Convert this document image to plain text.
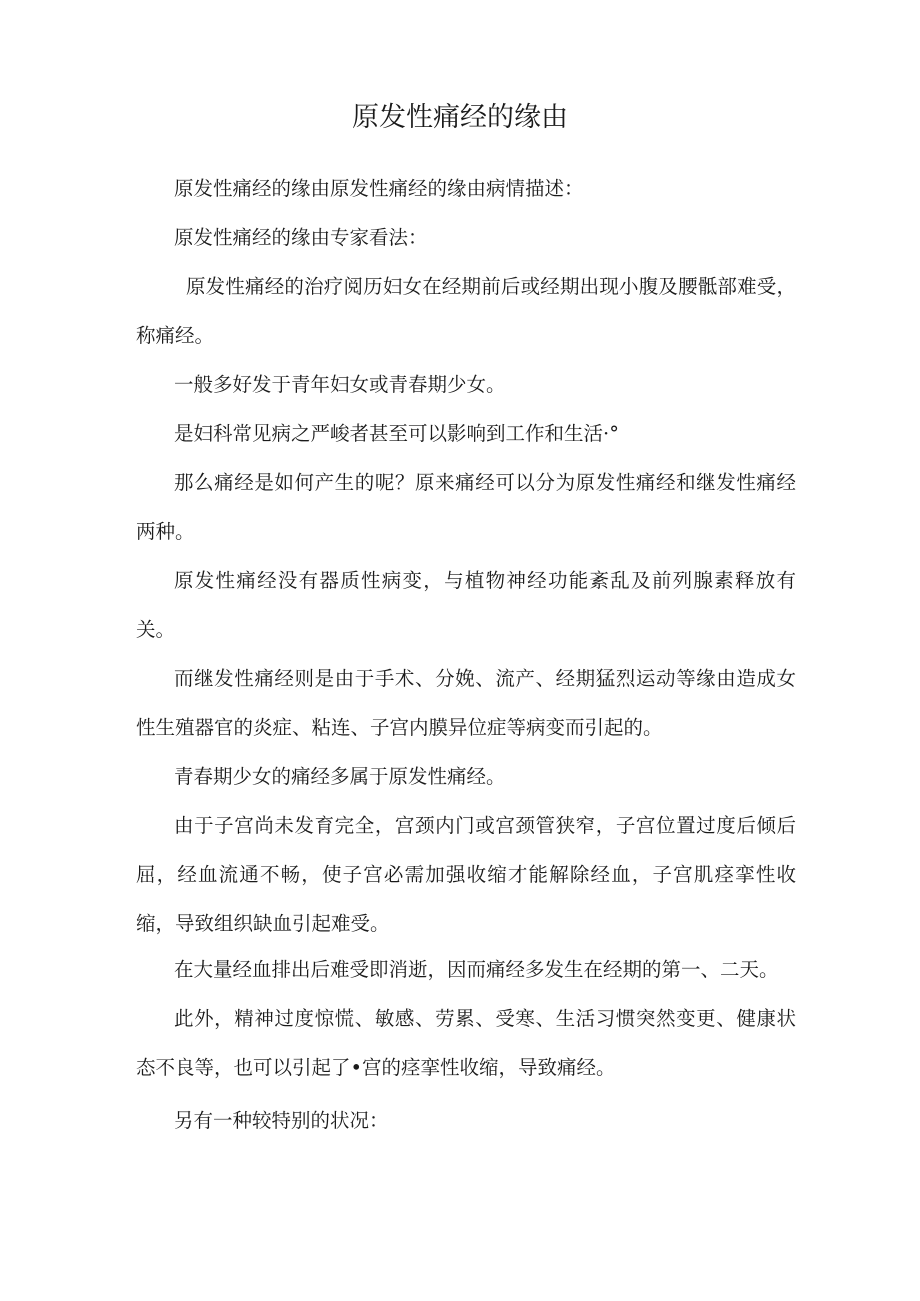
原发性痛经的缘由

原发性痛经的缘由原发性痛经的缘由病情描述：

原发性痛经的缘由专家看法：

原发性痛经的治疗阅历妇女在经期前后或经期出现小腹及腰骶部难受，称痛经。

一般多好发于青年妇女或青春期少女。

是妇科常见病之严峻者甚至可以影响到工作和生活·°

那么痛经是如何产生的呢？原来痛经可以分为原发性痛经和继发性痛经两种。

原发性痛经没有器质性病变，与植物神经功能紊乱及前列腺素释放有关。

而继发性痛经则是由于手术、分娩、流产、经期猛烈运动等缘由造成女性生殖器官的炎症、粘连、子宫内膜异位症等病变而引起的。

青春期少女的痛经多属于原发性痛经。

由于子宫尚未发育完全，宫颈内门或宫颈管狭窄，子宫位置过度后倾后屈，经血流通不畅，使子宫必需加强收缩才能解除经血，子宫肌痉挛性收缩，导致组织缺血引起难受。

在大量经血排出后难受即消逝，因而痛经多发生在经期的第一、二天。

此外，精神过度惊慌、敏感、劳累、受寒、生活习惯突然变更、健康状态不良等，也可以引起了•宫的痉挛性收缩，导致痛经。

另有一种较特别的状况：
